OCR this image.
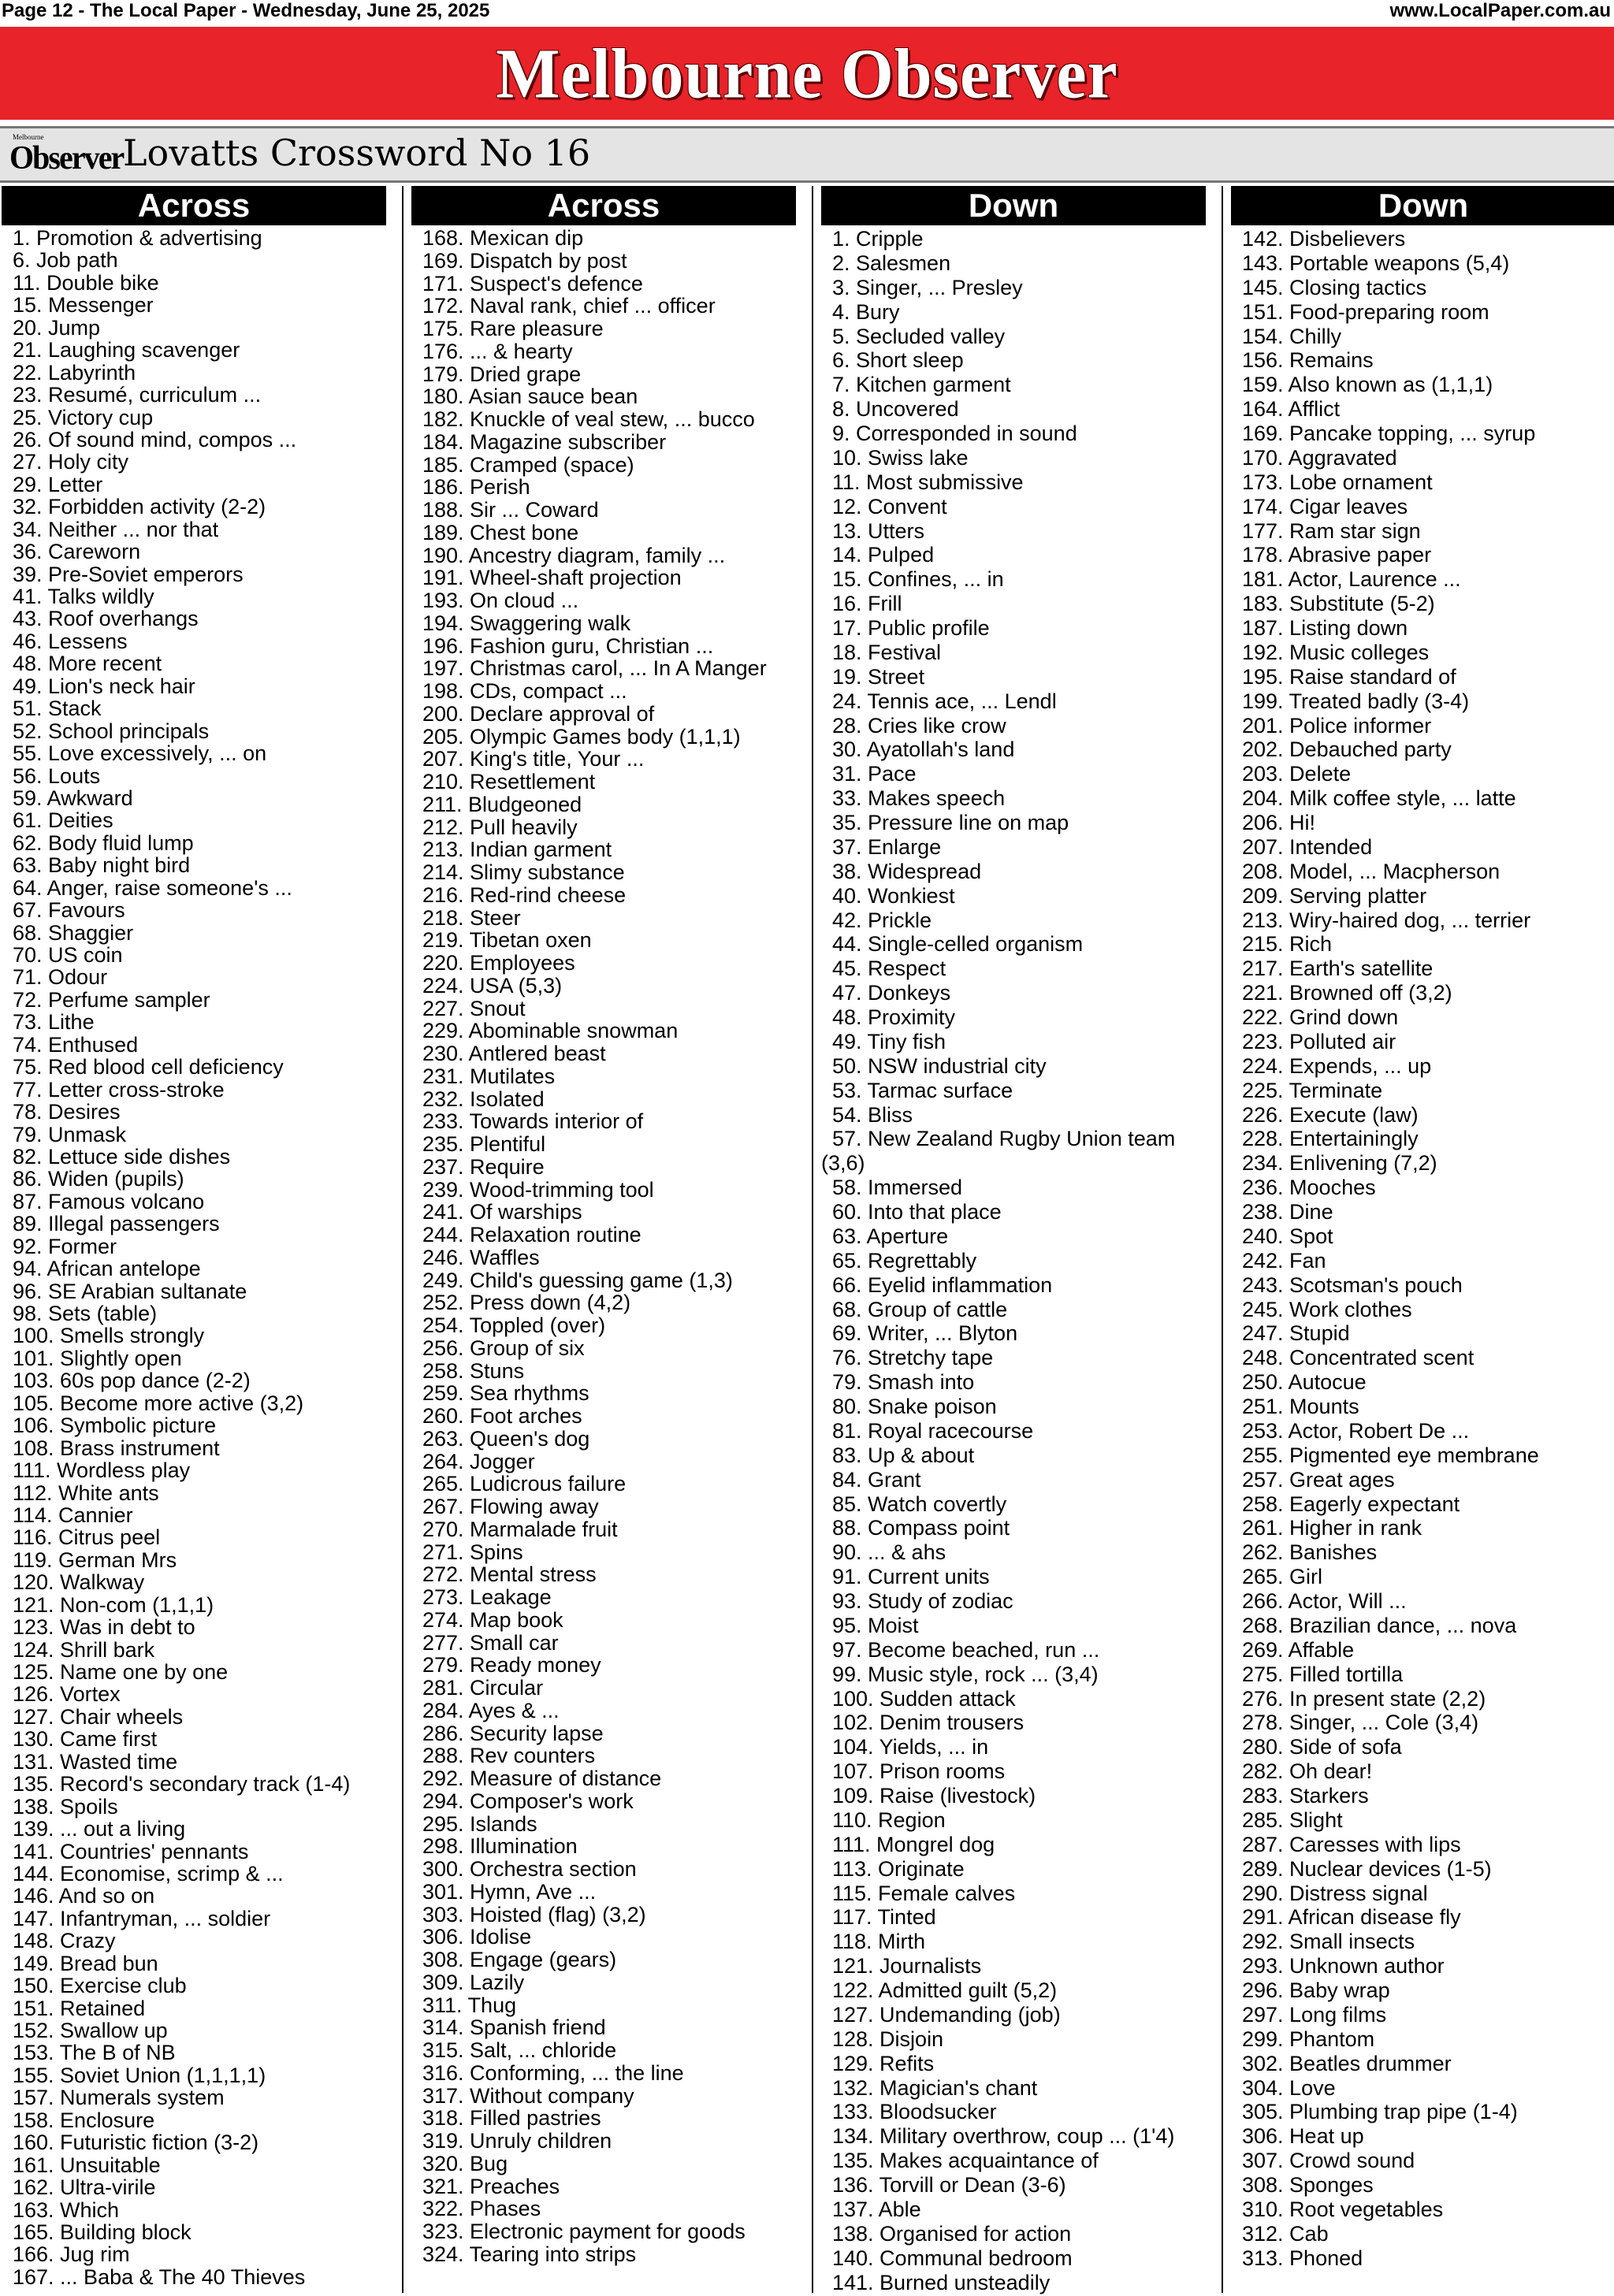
Page 12 - The Local Paper - Wednesday, June 25, 2025	www.LocalPaper.com.au
Melbourne Observer
Melbourne
Observer Lovatts Crossword No 16
Across
1. Promotion & advertising
6. Job path
11. Double bike
15. Messenger
20. Jump
21. Laughing scavenger
22. Labyrinth
23. Resumé, curriculum ...
25. Victory cup
26. Of sound mind, compos ...
27. Holy city
29. Letter
32. Forbidden activity (2-2)
34. Neither ... nor that
36. Careworn
39. Pre-Soviet emperors
41. Talks wildly
43. Roof overhangs
46. Lessens
48. More recent
49. Lion's neck hair
51. Stack
52. School principals
55. Love excessively, ... on
56. Louts
59. Awkward
61. Deities
62. Body fluid lump
63. Baby night bird
64. Anger, raise someone's ...
67. Favours
68. Shaggier
70. US coin
71. Odour
72. Perfume sampler
73. Lithe
74. Enthused
75. Red blood cell deficiency
77. Letter cross-stroke
78. Desires
79. Unmask
82. Lettuce side dishes
86. Widen (pupils)
87. Famous volcano
89. Illegal passengers
92. Former
94. African antelope
96. SE Arabian sultanate
98. Sets (table)
100. Smells strongly
101. Slightly open
103. 60s pop dance (2-2)
105. Become more active (3,2)
106. Symbolic picture
108. Brass instrument
111. Wordless play
112. White ants
114. Cannier
116. Citrus peel
119. German Mrs
120. Walkway
121. Non-com (1,1,1)
123. Was in debt to
124. Shrill bark
125. Name one by one
126. Vortex
127. Chair wheels
130. Came first
131. Wasted time
135. Record's secondary track (1-4)
138. Spoils
139. ... out a living
141. Countries' pennants
144. Economise, scrimp & ...
146. And so on
147. Infantryman, ... soldier
148. Crazy
149. Bread bun
150. Exercise club
151. Retained
152. Swallow up
153. The B of NB
155. Soviet Union (1,1,1,1)
157. Numerals system
158. Enclosure
160. Futuristic fiction (3-2)
161. Unsuitable
162. Ultra-virile
163. Which
165. Building block
166. Jug rim
167. ... Baba & The 40 Thieves
Across
168. Mexican dip
169. Dispatch by post
171. Suspect's defence
172. Naval rank, chief ... officer
175. Rare pleasure
176. ... & hearty
179. Dried grape
180. Asian sauce bean
182. Knuckle of veal stew, ... bucco
184. Magazine subscriber
185. Cramped (space)
186. Perish
188. Sir ... Coward
189. Chest bone
190. Ancestry diagram, family ...
191. Wheel-shaft projection
193. On cloud ...
194. Swaggering walk
196. Fashion guru, Christian ...
197. Christmas carol, ... In A Manger
198. CDs, compact ...
200. Declare approval of
205. Olympic Games body (1,1,1)
207. King's title, Your ...
210. Resettlement
211. Bludgeoned
212. Pull heavily
213. Indian garment
214. Slimy substance
216. Red-rind cheese
218. Steer
219. Tibetan oxen
220. Employees
224. USA (5,3)
227. Snout
229. Abominable snowman
230. Antlered beast
231. Mutilates
232. Isolated
233. Towards interior of
235. Plentiful
237. Require
239. Wood-trimming tool
241. Of warships
244. Relaxation routine
246. Waffles
249. Child's guessing game (1,3)
252. Press down (4,2)
254. Toppled (over)
256. Group of six
258. Stuns
259. Sea rhythms
260. Foot arches
263. Queen's dog
264. Jogger
265. Ludicrous failure
267. Flowing away
270. Marmalade fruit
271. Spins
272. Mental stress
273. Leakage
274. Map book
277. Small car
279. Ready money
281. Circular
284. Ayes & ...
286. Security lapse
288. Rev counters
292. Measure of distance
294. Composer's work
295. Islands
298. Illumination
300. Orchestra section
301. Hymn, Ave ...
303. Hoisted (flag) (3,2)
306. Idolise
308. Engage (gears)
309. Lazily
311. Thug
314. Spanish friend
315. Salt, ... chloride
316. Conforming, ... the line
317. Without company
318. Filled pastries
319. Unruly children
320. Bug
321. Preaches
322. Phases
323. Electronic payment for goods
324. Tearing into strips
Down
1. Cripple
2. Salesmen
3. Singer, ... Presley
4. Bury
5. Secluded valley
6. Short sleep
7. Kitchen garment
8. Uncovered
9. Corresponded in sound
10. Swiss lake
11. Most submissive
12. Convent
13. Utters
14. Pulped
15. Confines, ... in
16. Frill
17. Public profile
18. Festival
19. Street
24. Tennis ace, ... Lendl
28. Cries like crow
30. Ayatollah's land
31. Pace
33. Makes speech
35. Pressure line on map
37. Enlarge
38. Widespread
40. Wonkiest
42. Prickle
44. Single-celled organism
45. Respect
47. Donkeys
48. Proximity
49. Tiny fish
50. NSW industrial city
53. Tarmac surface
54. Bliss
57. New Zealand Rugby Union team
(3,6)
58. Immersed
60. Into that place
63. Aperture
65. Regrettably
66. Eyelid inflammation
68. Group of cattle
69. Writer, ... Blyton
76. Stretchy tape
79. Smash into
80. Snake poison
81. Royal racecourse
83. Up & about
84. Grant
85. Watch covertly
88. Compass point
90. ... & ahs
91. Current units
93. Study of zodiac
95. Moist
97. Become beached, run ...
99. Music style, rock ... (3,4)
100. Sudden attack
102. Denim trousers
104. Yields, ... in
107. Prison rooms
109. Raise (livestock)
110. Region
111. Mongrel dog
113. Originate
115. Female calves
117. Tinted
118. Mirth
121. Journalists
122. Admitted guilt (5,2)
127. Undemanding (job)
128. Disjoin
129. Refits
132. Magician's chant
133. Bloodsucker
134. Military overthrow, coup ... (1'4)
135. Makes acquaintance of
136. Torvill or Dean (3-6)
137. Able
138. Organised for action
140. Communal bedroom
141. Burned unsteadily
Down
142. Disbelievers
143. Portable weapons (5,4)
145. Closing tactics
151. Food-preparing room
154. Chilly
156. Remains
159. Also known as (1,1,1)
164. Afflict
169. Pancake topping, ... syrup
170. Aggravated
173. Lobe ornament
174. Cigar leaves
177. Ram star sign
178. Abrasive paper
181. Actor, Laurence ...
183. Substitute (5-2)
187. Listing down
192. Music colleges
195. Raise standard of
199. Treated badly (3-4)
201. Police informer
202. Debauched party
203. Delete
204. Milk coffee style, ... latte
206. Hi!
207. Intended
208. Model, ... Macpherson
209. Serving platter
213. Wiry-haired dog, ... terrier
215. Rich
217. Earth's satellite
221. Browned off (3,2)
222. Grind down
223. Polluted air
224. Expends, ... up
225. Terminate
226. Execute (law)
228. Entertainingly
234. Enlivening (7,2)
236. Mooches
238. Dine
240. Spot
242. Fan
243. Scotsman's pouch
245. Work clothes
247. Stupid
248. Concentrated scent
250. Autocue
251. Mounts
253. Actor, Robert De ...
255. Pigmented eye membrane
257. Great ages
258. Eagerly expectant
261. Higher in rank
262. Banishes
265. Girl
266. Actor, Will ...
268. Brazilian dance, ... nova
269. Affable
275. Filled tortilla
276. In present state (2,2)
278. Singer, ... Cole (3,4)
280. Side of sofa
282. Oh dear!
283. Starkers
285. Slight
287. Caresses with lips
289. Nuclear devices (1-5)
290. Distress signal
291. African disease fly
292. Small insects
293. Unknown author
296. Baby wrap
297. Long films
299. Phantom
302. Beatles drummer
304. Love
305. Plumbing trap pipe (1-4)
306. Heat up
307. Crowd sound
308. Sponges
310. Root vegetables
312. Cab
313. Phoned
